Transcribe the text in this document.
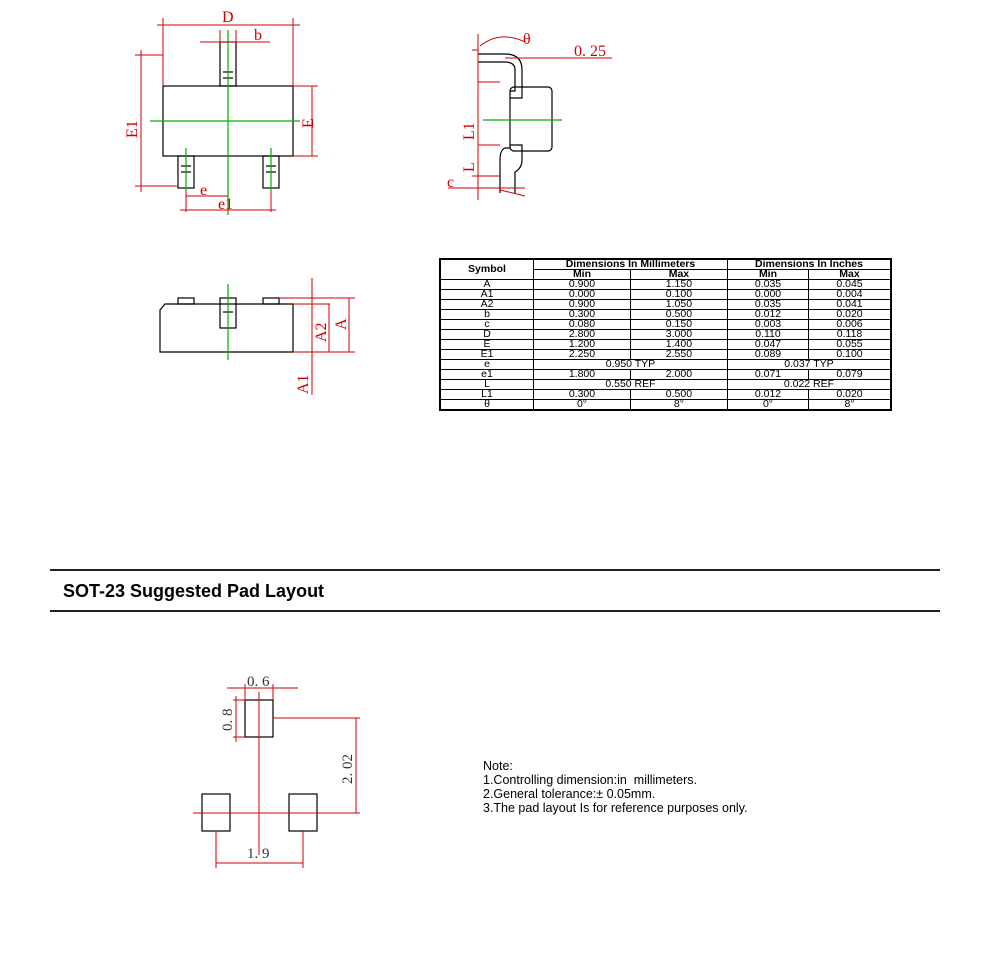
D
b
e
e1
E1	E
θ
0. 25
L1
L
c
A2 A
A1
0. 6
0. 8
2. 02
1. 9
Symbol	Dimensions In Millimeters		Dimensions In Inches	
	Min	Max	Min	Max
A	0.900	1.150	0.035	0.045
A1	0.000	0.100	0.000	0.004
A2	0.900	1.050	0.035	0.041
b	0.300	0.500	0.012	0.020
c	0.080	0.150	0.003	0.006
D	2.800	3.000	0.110	0.118
E	1.200	1.400	0.047	0.055
E1	2.250	2.550	0.089	0.100
e	0.950 TYP		0.037 TYP	
e1	1.800	2.000	0.071	0.079
L	0.550 REF		0.022 REF	
L1	0.300	0.500	0.012	0.020
θ	0°	8°	0°	8°
SOT-23 Suggested Pad Layout
Note:
1.Controlling dimension:in  millimeters.
2.General tolerance:± 0.05mm.
3.The pad layout Is for reference purposes only.
